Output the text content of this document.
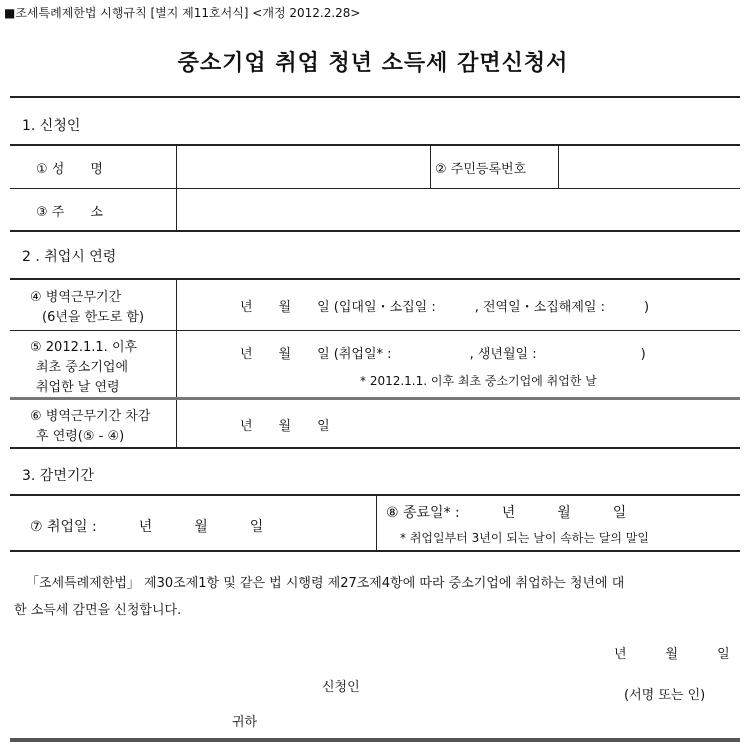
■조세특례제한법 시행규칙 [별지 제11호서식] <개정 2012.2.28>
중소기업 취업 청년 소득세 감면신청서
1. 신청인
① 성　　명	② 주민등록번호
③ 주　　소
2 . 취업시 연령
④ 병역근무기간
(6년을 한도로 함)
년　　월　　일 (입대일・소집일 :　　　, 전역일・소집해제일 :　　　)
⑤ 2012.1.1. 이후
최초 중소기업에
취업한 날 연령
년　　월　　일 (취업일* :　　　　　　, 생년월일 :　　　　　　　　)
* 2012.1.1. 이후 최초 중소기업에 취업한 날
⑥ 병역근무기간 차감
후 연령(⑤ - ④)
년　　월　　일
3. 감면기간
⑦ 취업일 :　　　년　　　월　　　일
⑧ 종료일* :　　　년　　　월　　　일
* 취업일부터 3년이 되는 날이 속하는 달의 말일
「조세특례제한법」 제30조제1항 및 같은 법 시행령 제27조제4항에 따라 중소기업에 취업하는 청년에 대
한 소득세 감면을 신청합니다.
년　　　월　　　일
신청인
(서명 또는 인)
귀하
